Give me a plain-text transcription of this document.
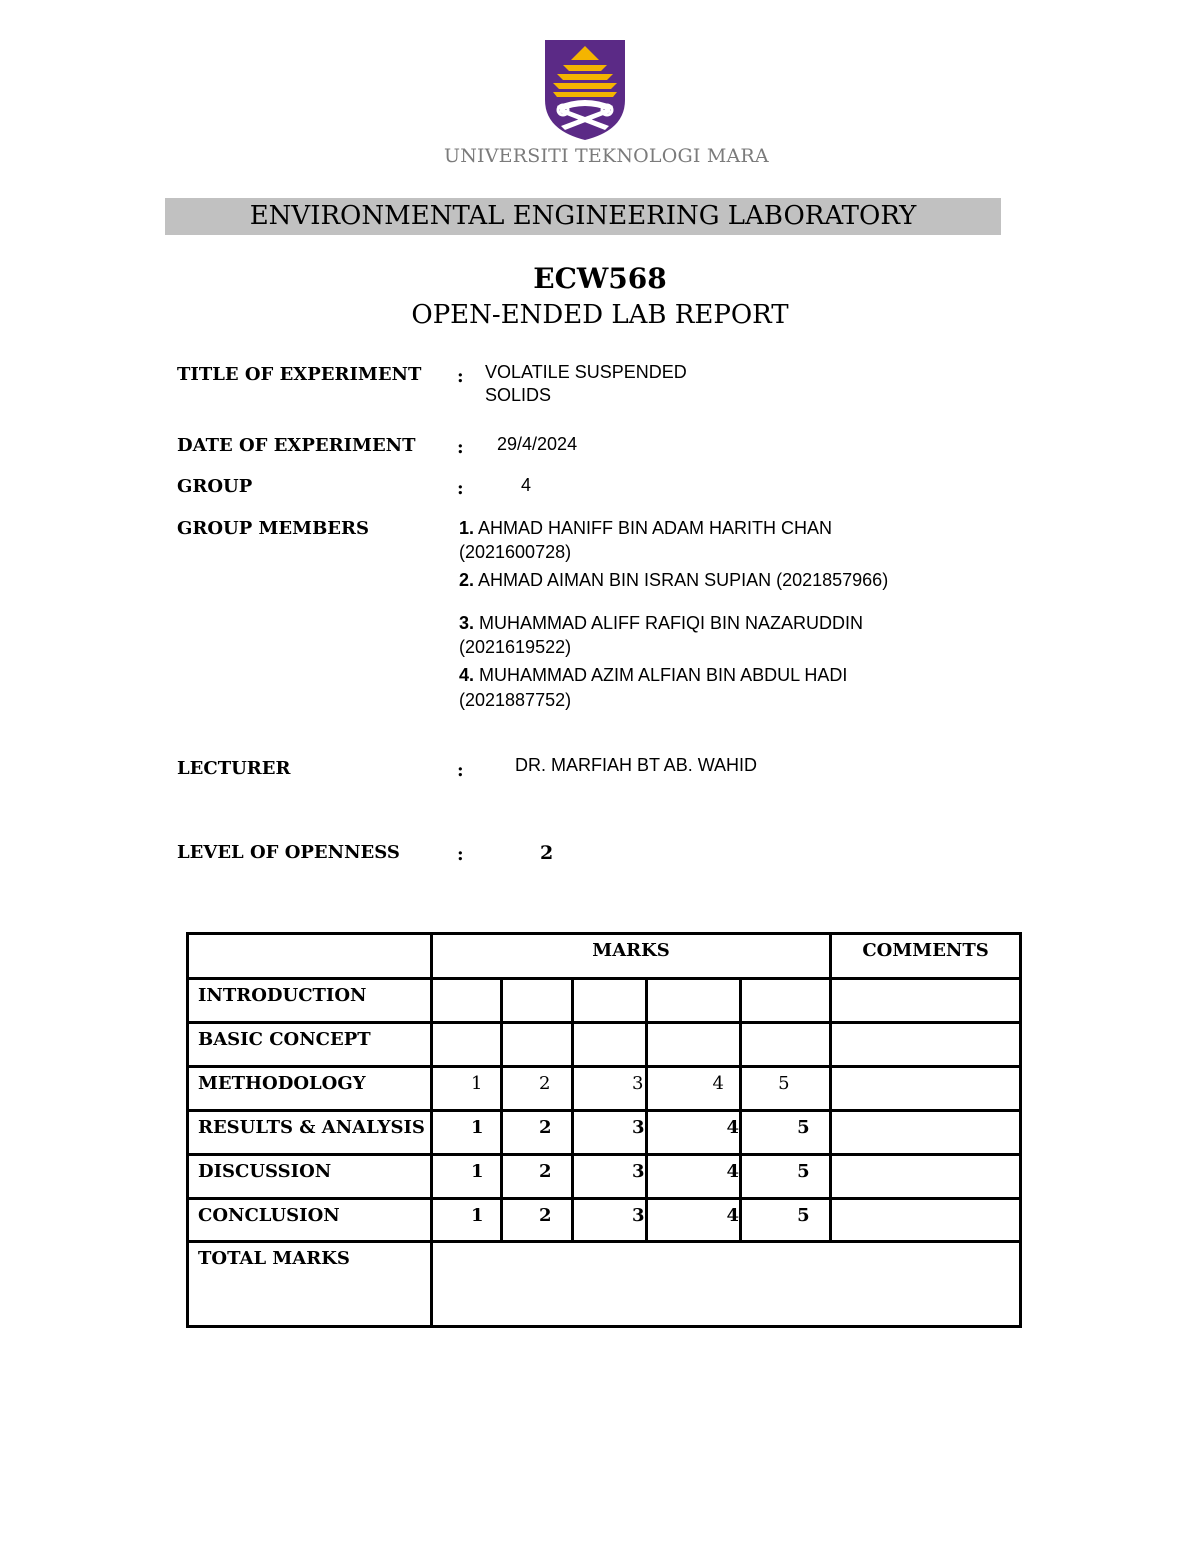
UNIVERSITI TEKNOLOGI MARA
ENVIRONMENTAL ENGINEERING LABORATORY
ECW568
OPEN-ENDED LAB REPORT
TITLE OF EXPERIMENT : VOLATILE SUSPENDED
SOLIDS
DATE OF EXPERIMENT : 29/4/2024
GROUP	:	4
GROUP MEMBERS	1. AHMAD HANIFF BIN ADAM HARITH CHAN
(2021600728)
2. AHMAD AIMAN BIN ISRAN SUPIAN (2021857966)
3. MUHAMMAD ALIFF RAFIQI BIN NAZARUDDIN
(2021619522)
4. MUHAMMAD AZIM ALFIAN BIN ABDUL HADI
(2021887752)
LECTURER	:	DR. MARFIAH BT AB. WAHID
LEVEL OF OPENNESS	:	2
	MARKS					COMMENTS
INTRODUCTION						
BASIC CONCEPT						
METHODOLOGY	1	2	3	4	5	
RESULTS & ANALYSIS	1	2	3	4	5	
DISCUSSION	1	2	3	4	5	
CONCLUSION	1	2	3	4	5	
TOTAL MARKS						
